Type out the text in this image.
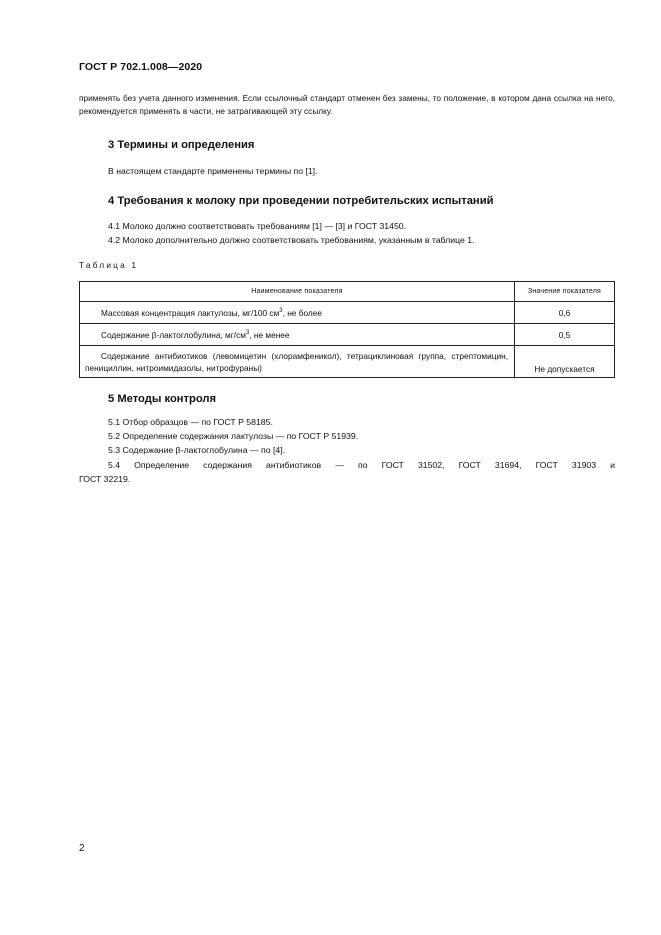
ГОСТ Р 702.1.008—2020
применять без учета данного изменения. Если ссылочный стандарт отменен без замены, то положение, в котором дана ссылка на него, рекомендуется применять в части, не затрагивающей эту ссылку.
3 Термины и определения
В настоящем стандарте применены термины по [1].
4 Требования к молоку при проведении потребительских испытаний
4.1 Молоко должно соответствовать требованиям [1] — [3] и ГОСТ 31450.
4.2 Молоко дополнительно должно соответствовать требованиям, указанным в таблице 1.
Таблица 1
Наименование показателя	Значение показателя
Массовая концентрация лактулозы, мг/100 $см^3$, не более	0,6
Содержание β-лактоглобулина, $мг/см^3$, не менее	0,5

Содержание антибиотиков (левомицетин (хлорамфеникол), тетрациклиновая группа, стрептомицин, пенициллин, нитроимидазолы, нитрофураны)	Не допускается
5 Методы контроля
5.1 Отбор образцов — по ГОСТ Р 58185.
5.2 Определение содержания лактулозы — по ГОСТ Р 51939.
5.3 Содержание β-лактоглобулина — по [4].
5.4 Определение содержания антибиотиков — по ГОСТ 31502, ГОСТ 31694, ГОСТ 31903 и
ГОСТ 32219.
2
